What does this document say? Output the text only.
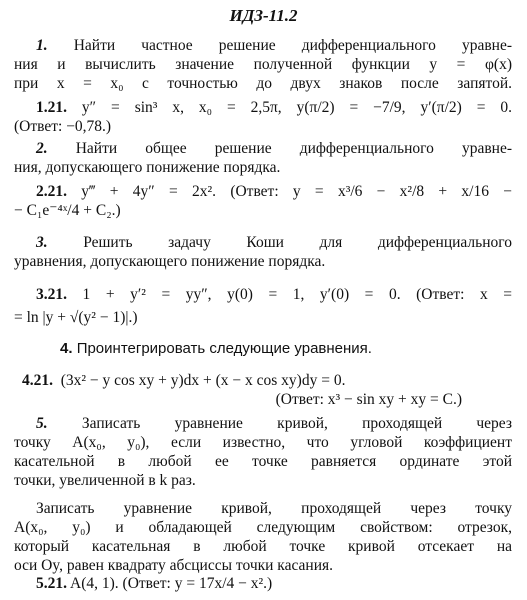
ИДЗ-11.2
1. Найти частное решение дифференциального уравне-
ния и вычислить значение полученной функции y = φ(x)
при x = x₀ с точностью до двух знаков после запятой.
1.21. y″ = sin³ x, x₀ = 2,5π, y(π/2) = −7/9, y′(π/2) = 0.
(Ответ: −0,78.)
2. Найти общее решение дифференциального уравне-
ния, допускающего понижение порядка.
2.21. y‴ + 4y″ = 2x². (Ответ: y = x³/6 − x²/8 + x/16 −
− C₁e⁻⁴ˣ/4 + C₂.)
3. Решить задачу Коши для дифференциального
уравнения, допускающего понижение порядка.
3.21. 1 + y′² = yy″, y(0) = 1, y′(0) = 0. (Ответ: x =
= ln |y + √(y² − 1)|.)
4. Проинтегрировать следующие уравнения.
4.21. (3x² − y cos xy + y)dx + (x − x cos xy)dy = 0.
(Ответ: x³ − sin xy + xy = C.)
5. Записать уравнение кривой, проходящей через
точку A(x₀, y₀), если известно, что угловой коэффициент
касательной в любой ее точке равняется ординате этой
точки, увеличенной в k раз.
Записать уравнение кривой, проходящей через точку
A(x₀, y₀) и обладающей следующим свойством: отрезок,
который касательная в любой точке кривой отсекает на
оси Oy, равен квадрату абсциссы точки касания.
5.21. A(4, 1). (Ответ: y = 17x/4 − x².)
